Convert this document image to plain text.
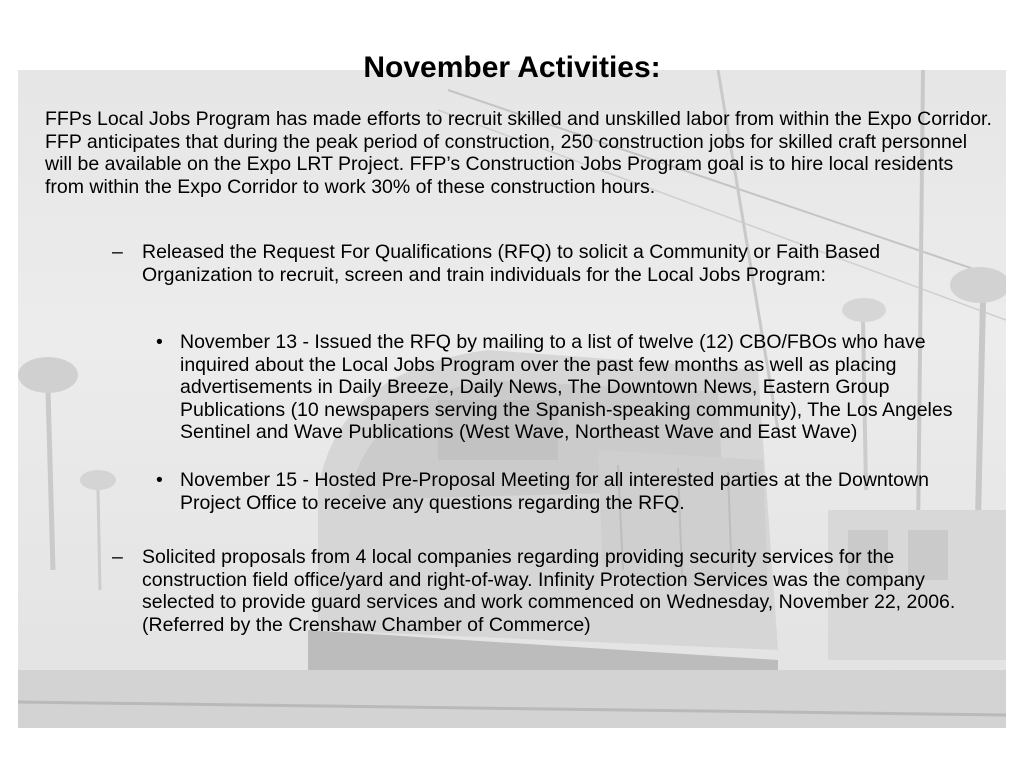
November Activities:
FFPs Local Jobs Program has made efforts to recruit skilled and unskilled labor from within the Expo Corridor. FFP anticipates that during the peak period of construction, 250 construction jobs for skilled craft personnel will be available on the Expo LRT Project. FFP’s Construction Jobs Program goal is to hire local residents from within the Expo Corridor to work 30% of these construction hours.
– Released the Request For Qualifications (RFQ) to solicit a Community or Faith Based Organization to recruit, screen and train individuals for the Local Jobs Program:
• November 13 - Issued the RFQ by mailing to a list of twelve (12) CBO/FBOs who have inquired about the Local Jobs Program over the past few months as well as placing advertisements in Daily Breeze, Daily News, The Downtown News, Eastern Group Publications (10 newspapers serving the Spanish-speaking community), The Los Angeles Sentinel and Wave Publications (West Wave, Northeast Wave and East Wave)
• November 15 - Hosted Pre-Proposal Meeting for all interested parties at the Downtown Project Office to receive any questions regarding the RFQ.
– Solicited proposals from 4 local companies regarding providing security services for the construction field office/yard and right-of-way. Infinity Protection Services was the company selected to provide guard services and work commenced on Wednesday, November 22, 2006. (Referred by the Crenshaw Chamber of Commerce)
